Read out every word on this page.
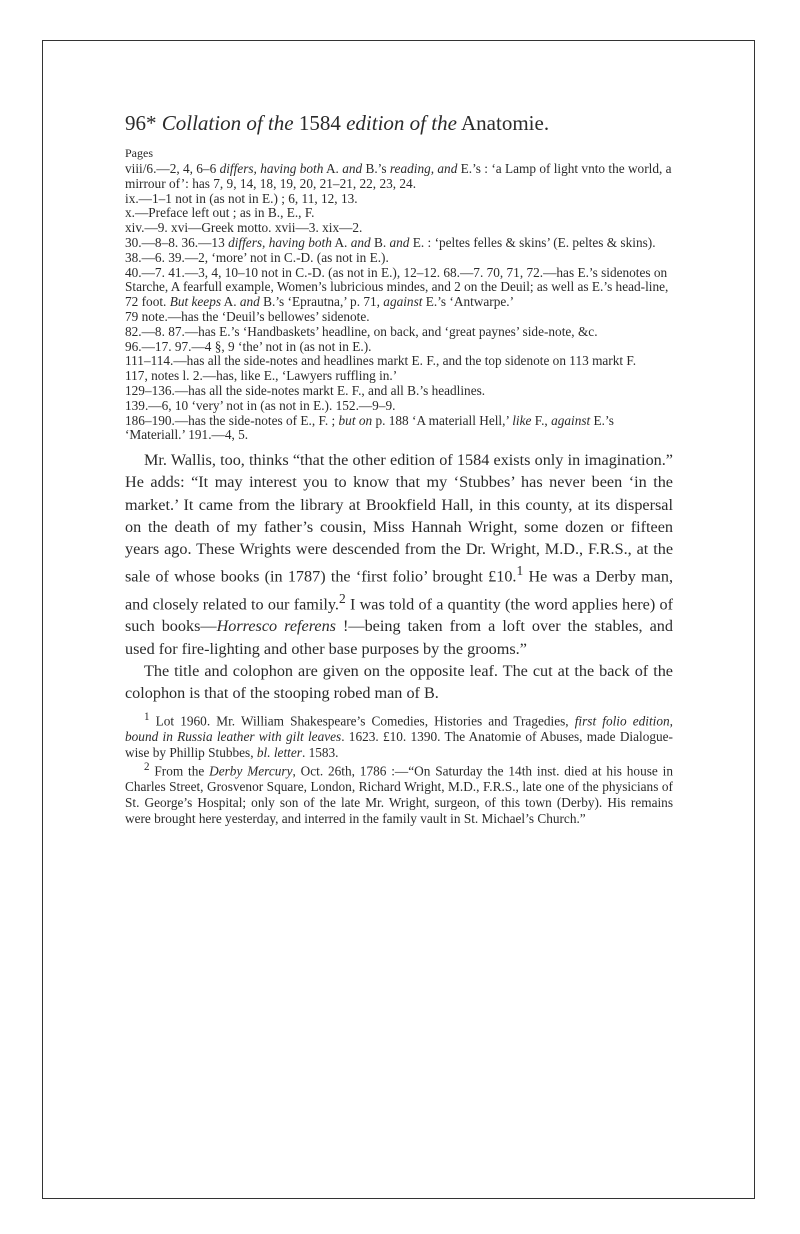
96* Collation of the 1584 edition of the Anatomie.
Pages

viii/6.—2, 4, 6–6 differs, having both A. and B.’s reading, and E.’s : ‘a Lamp of light vnto the world, a mirrour of’: has 7, 9, 14, 18, 19, 20, 21–21, 22, 23, 24.

ix.—1–1 not in (as not in E.) ; 6, 11, 12, 13.

x.—Preface left out ; as in B., E., F.

xiv.—9. xvi—Greek motto. xvii—3. xix—2.

30.—8–8. 36.—13 differs, having both A. and B. and E. : ‘peltes felles & skins’ (E. peltes & skins).

38.—6. 39.—2, ‘more’ not in C.-D. (as not in E.).

40.—7. 41.—3, 4, 10–10 not in C.-D. (as not in E.), 12–12. 68.—7. 70, 71, 72.—has E.’s sidenotes on Starche, A fearfull example, Women’s lubricious mindes, and 2 on the Deuil; as well as E.’s head-line, 72 foot. But keeps A. and B.’s ‘Eprautna,’ p. 71, against E.’s ‘Antwarpe.’

79 note.—has the ‘Deuil’s bellowes’ sidenote.

82.—8. 87.—has E.’s ‘Handbaskets’ headline, on back, and ‘great paynes’ side-note, &c.

96.—17. 97.—4 §, 9 ‘the’ not in (as not in E.).

111–114.—has all the side-notes and headlines markt E. F., and the top sidenote on 113 markt F.

117, notes l. 2.—has, like E., ‘Lawyers ruffling in.’

129–136.—has all the side-notes markt E. F., and all B.’s headlines.

139.—6, 10 ‘very’ not in (as not in E.). 152.—9–9.

186–190.—has the side-notes of E., F. ; but on p. 188 ‘A materiall Hell,’ like F., against E.’s ‘Materiall.’ 191.—4, 5.

Mr. Wallis, too, thinks “that the other edition of 1584 exists only in imagination.” He adds: “It may interest you to know that my ‘Stubbes’ has never been ‘in the market.’ It came from the library at Brookfield Hall, in this county, at its dispersal on the death of my father’s cousin, Miss Hannah Wright, some dozen or fifteen years ago. These Wrights were descended from the Dr. Wright, M.D., F.R.S., at the sale of whose books (in 1787) the ‘first folio’ brought £10.$^1$ He was a Derby man, and closely related to our family.$^2$ I was told of a quantity (the word applies here) of such books—Horresco referens !—being taken from a loft over the stables, and used for fire-lighting and other base purposes by the grooms.”

The title and colophon are given on the opposite leaf. The cut at the back of the colophon is that of the stooping robed man of B.

$^1$ Lot 1960. Mr. William Shakespeare’s Comedies, Histories and Tragedies, first folio edition, bound in Russia leather with gilt leaves. 1623. £10. 1390. The Anatomie of Abuses, made Dialogue-wise by Phillip Stubbes, bl. letter. 1583.

$^2$ From the Derby Mercury, Oct. 26th, 1786 :—“On Saturday the 14th inst. died at his house in Charles Street, Grosvenor Square, London, Richard Wright, M.D., F.R.S., late one of the physicians of St. George’s Hospital; only son of the late Mr. Wright, surgeon, of this town (Derby). His remains were brought here yesterday, and interred in the family vault in St. Michael’s Church.”
